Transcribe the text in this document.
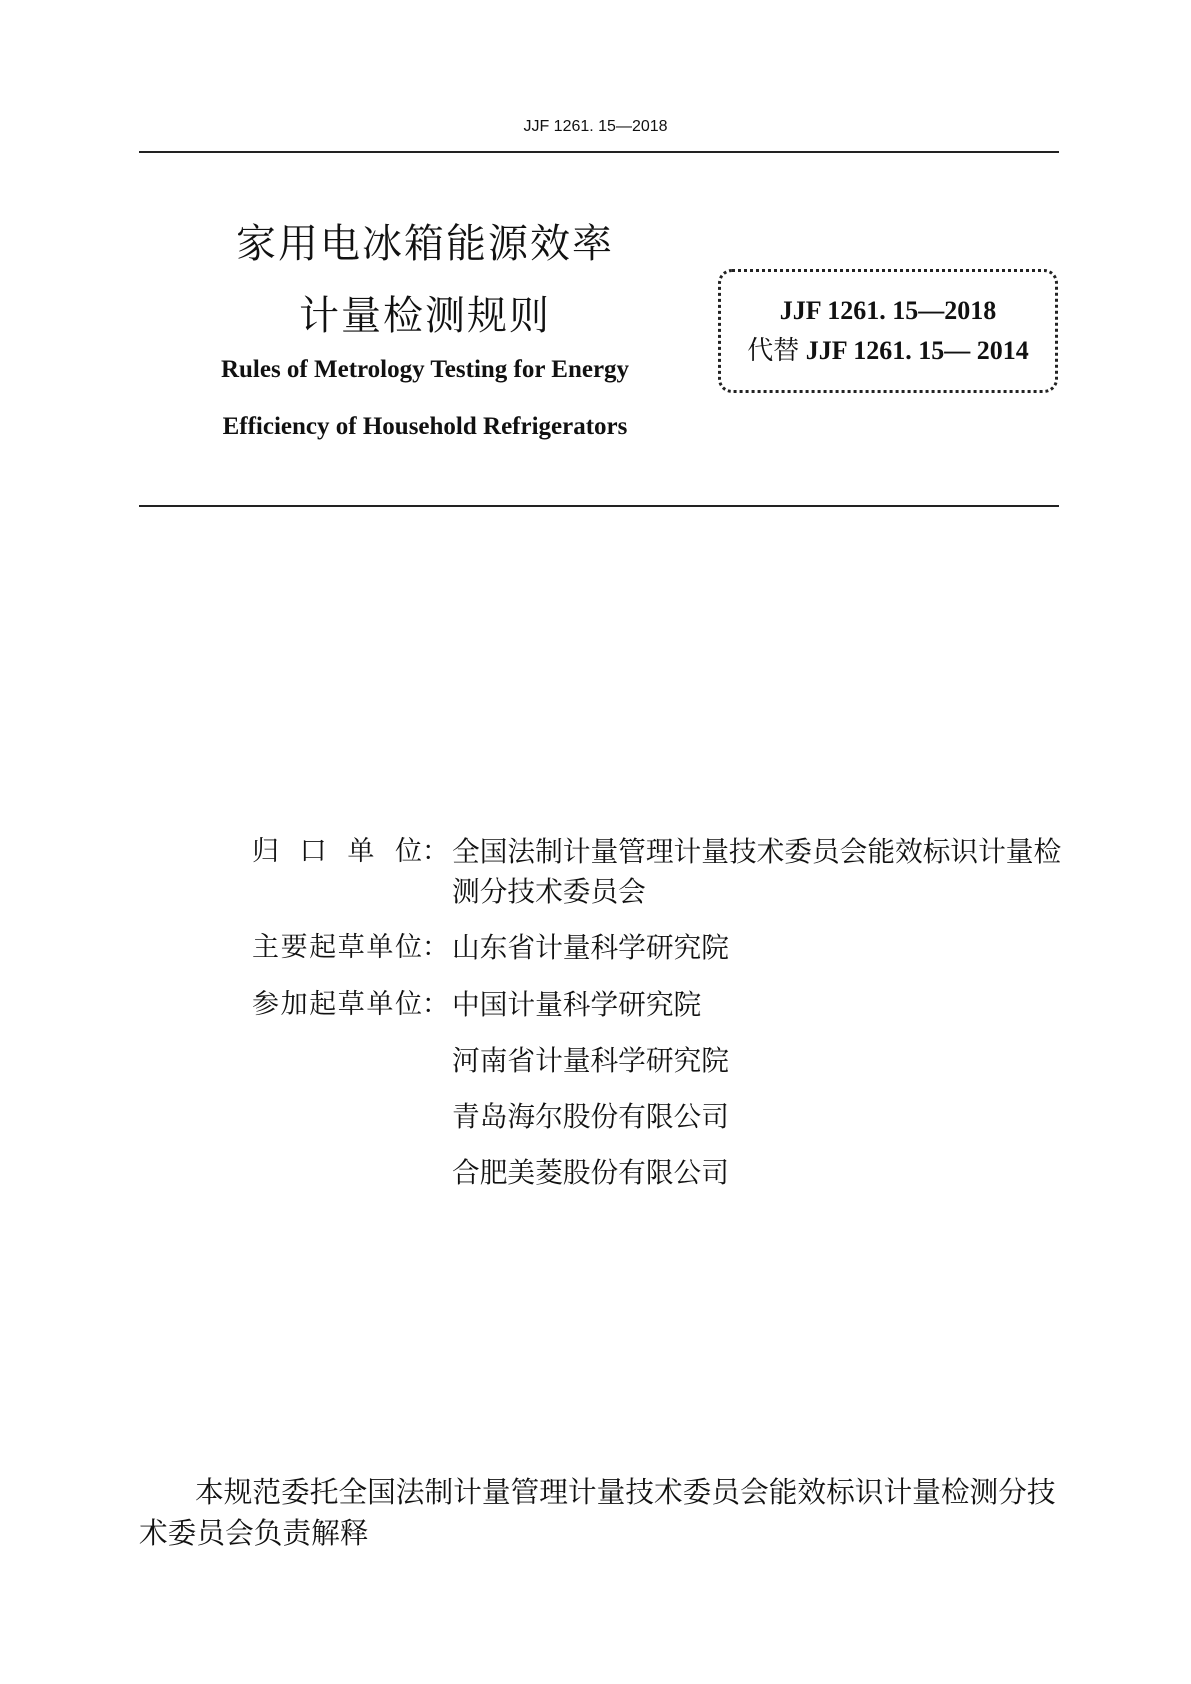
JJF 1261. 15—2018
家用电冰箱能源效率
计量检测规则
Rules of Metrology Testing for Energy
Efficiency of Household Refrigerators
JJF 1261. 15—2018
代替 JJF 1261. 15— 2014
归口单位 ： 全国法制计量管理计量技术委员会能效标识计量检测分技术委员会
主要起草单位 ： 山东省计量科学研究院
参加起草单位 ： 中国计量科学研究院
河南省计量科学研究院
青岛海尔股份有限公司
合肥美菱股份有限公司
本规范委托全国法制计量管理计量技术委员会能效标识计量检测分技术委员会负责解释
